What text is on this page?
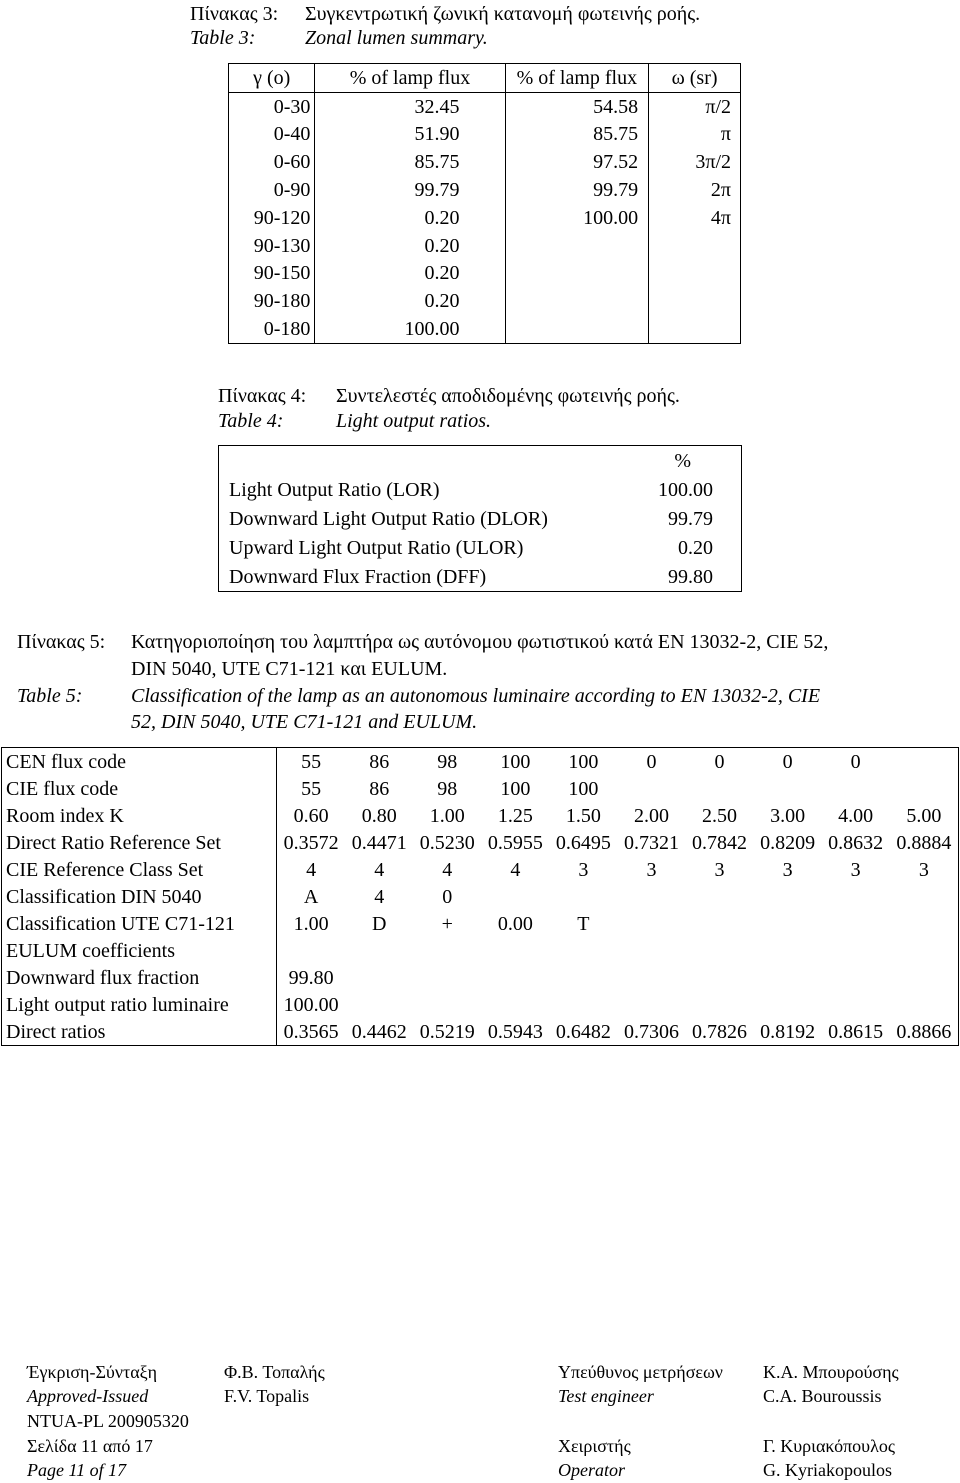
Πίνακας 3: Συγκεντρωτική ζωνική κατανομή φωτεινής ροής.
Table 3: Zonal lumen summary.
γ (ο)	% of lamp flux	% of lamp flux	ω (sr)
0-30	32.45	54.58	π/2
0-40	51.90	85.75	π
0-60	85.75	97.52	3π/2
0-90	99.79	99.79	2π
90-120	0.20	100.00	4π
90-130	0.20		
90-150	0.20		
90-180	0.20		
0-180	100.00		
Πίνακας 4: Συντελεστές αποδιδομένης φωτεινής ροής.
Table 4:	Light output ratios.
	%
Light Output Ratio (LOR)	100.00
Downward Light Output Ratio (DLOR)	99.79
Upward Light Output Ratio (ULOR)	0.20
Downward Flux Fraction (DFF)	99.80
Πίνακας 5: Κατηγοριοποίηση του λαμπτήρα ως αυτόνομου φωτιστικού κατά EN 13032-2, CIE 52,
DIN 5040, UTE C71-121 και EULUM.
Table 5: Classification of the lamp as an autonomous luminaire according to EN 13032-2, CIE
52, DIN 5040, UTE C71-121 and EULUM.
CEN flux code	55	86	98	100	100	0	0	0	0	
CIE flux code	55	86	98	100	100					
Room index K	0.60	0.80	1.00	1.25	1.50	2.00	2.50	3.00	4.00	5.00
Direct Ratio Reference Set	0.3572	0.4471	0.5230	0.5955	0.6495	0.7321	0.7842	0.8209	0.8632	0.8884
CIE Reference Class Set	4	4	4	4	3	3	3	3	3	3
Classification DIN 5040	A	4	0							
Classification UTE C71-121	1.00	D	+	0.00	T					
EULUM coefficients										
Downward flux fraction	99.80									
Light output ratio luminaire	100.00									
Direct ratios	0.3565	0.4462	0.5219	0.5943	0.6482	0.7306	0.7826	0.8192	0.8615	0.8866
Έγκριση-Σύνταξη
Approved-Issued
Φ.Β. Τοπαλής
F.V. Topalis
Υπεύθυνος μετρήσεων
Test engineer
Κ.Α. Μπουρούσης
C.A. Bouroussis
NTUA-PL 200905320
Σελίδα 11 από 17
Page 11 of 17
Χειριστής
Operator
Γ. Κυριακόπουλος
G. Kyriakopoulos
